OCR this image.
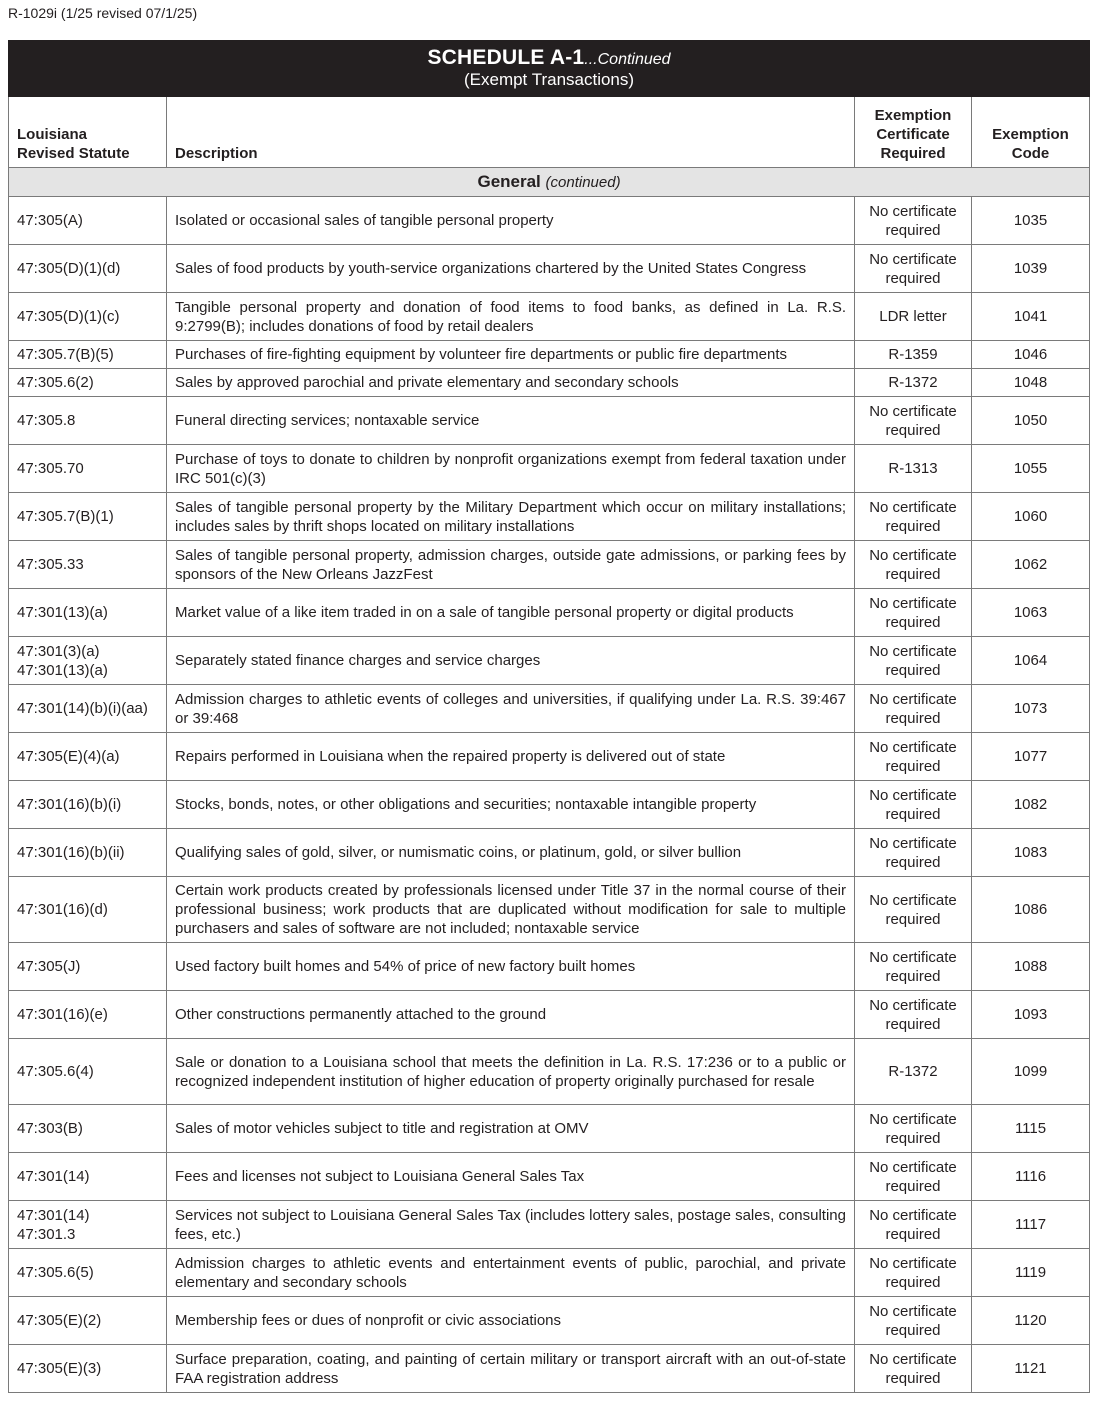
R-1029i (1/25 revised 07/1/25)
SCHEDULE A-1...Continued
(Exempt Transactions)			

Louisiana
Revised Statute	Description	Exemption
Certificate
Required	Exemption
Code

General (continued)			

47:305(A)	Isolated or occasional sales of tangible personal property	No certificate
required	1035

47:305(D)(1)(d)	Sales of food products by youth-service organizations chartered by the United States Congress	No certificate
required	1039

47:305(D)(1)(c)	Tangible personal property and donation of food items to food banks, as defined in La. R.S. 9:2799(B); includes donations of food by retail dealers	LDR letter	1041

47:305.7(B)(5)	Purchases of fire-fighting equipment by volunteer fire departments or public fire departments	R-1359	1046

47:305.6(2)	Sales by approved parochial and private elementary and secondary schools	R-1372	1048

47:305.8	Funeral directing services; nontaxable service	No certificate
required	1050

47:305.70	Purchase of toys to donate to children by nonprofit organizations exempt from federal taxation under IRC 501(c)(3)	R-1313	1055

47:305.7(B)(1)	Sales of tangible personal property by the Military Department which occur on military installations; includes sales by thrift shops located on military installations	No certificate
required	1060

47:305.33	Sales of tangible personal property, admission charges, outside gate admissions, or parking fees by sponsors of the New Orleans JazzFest	No certificate
required	1062

47:301(13)(a)	Market value of a like item traded in on a sale of tangible personal property or digital products	No certificate
required	1063

47:301(3)(a)
47:301(13)(a)	Separately stated finance charges and service charges	No certificate
required	1064

47:301(14)(b)(i)(aa)	Admission charges to athletic events of colleges and universities, if qualifying under La. R.S. 39:467 or 39:468	No certificate
required	1073

47:305(E)(4)(a)	Repairs performed in Louisiana when the repaired property is delivered out of state	No certificate
required	1077

47:301(16)(b)(i)	Stocks, bonds, notes, or other obligations and securities; nontaxable intangible property	No certificate
required	1082

47:301(16)(b)(ii)	Qualifying sales of gold, silver, or numismatic coins, or platinum, gold, or silver bullion	No certificate
required	1083

47:301(16)(d)	Certain work products created by professionals licensed under Title 37 in the normal course of their professional business; work products that are duplicated without modification for sale to multiple purchasers and sales of software are not included; nontaxable service	No certificate
required	1086

47:305(J)	Used factory built homes and 54% of price of new factory built homes	No certificate
required	1088

47:301(16)(e)	Other constructions permanently attached to the ground	No certificate
required	1093

47:305.6(4)	Sale or donation to a Louisiana school that meets the definition in La. R.S. 17:236 or to a public or recognized independent institution of higher education of property originally purchased for resale	R-1372	1099

47:303(B)	Sales of motor vehicles subject to title and registration at OMV	No certificate
required	1115

47:301(14)	Fees and licenses not subject to Louisiana General Sales Tax	No certificate
required	1116

47:301(14)
47:301.3	Services not subject to Louisiana General Sales Tax (includes lottery sales, postage sales, consulting fees, etc.)	No certificate
required	1117

47:305.6(5)	Admission charges to athletic events and entertainment events of public, parochial, and private elementary and secondary schools	No certificate
required	1119

47:305(E)(2)	Membership fees or dues of nonprofit or civic associations	No certificate
required	1120

47:305(E)(3)	Surface preparation, coating, and painting of certain military or transport aircraft with an out-of-state FAA registration address	No certificate
required	1121
